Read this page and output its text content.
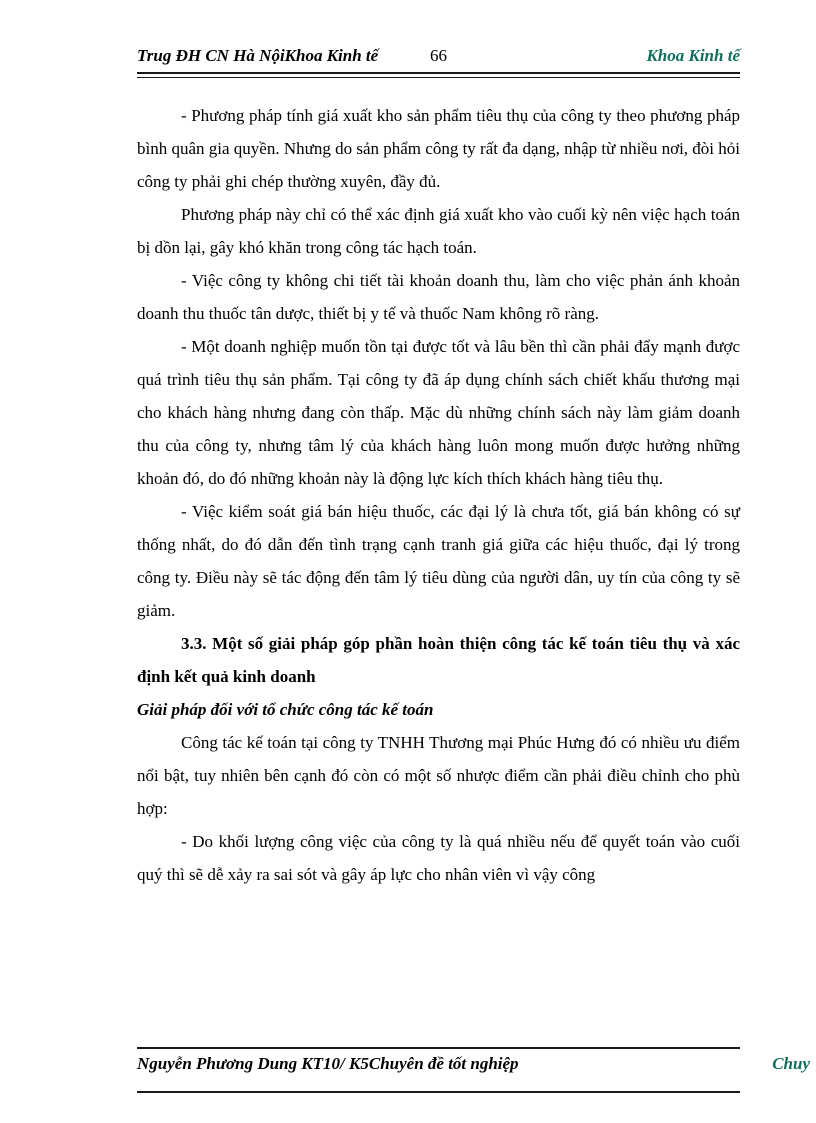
Trug ĐH CN Hà NộiKhoa Kinh tế	66	Khoa Kinh tế

- Phương pháp tính giá xuất kho sản phẩm tiêu thụ của công ty theo phương pháp bình quân gia quyền. Nhưng do sản phẩm công ty rất đa dạng, nhập từ nhiều nơi, đòi hỏi công ty phải ghi chép thường xuyên, đầy đủ.

Phương pháp này chỉ có thể xác định giá xuất kho vào cuối kỳ nên việc hạch toán bị dồn lại, gây khó khăn trong công tác hạch toán.

- Việc công ty không chi tiết tài khoản doanh thu, làm cho việc phản ánh khoản doanh thu thuốc tân dược, thiết bị y tế và thuốc Nam không rõ ràng.

- Một doanh nghiệp muốn tồn tại được tốt và lâu bền thì cần phải đẩy mạnh được quá trình tiêu thụ sản phẩm. Tại công ty đã áp dụng chính sách chiết khấu thương mại cho khách hàng nhưng đang còn thấp. Mặc dù những chính sách này làm giảm doanh thu của công ty, nhưng tâm lý của khách hàng luôn mong muốn được hưởng những khoản đó, do đó những khoản này là động lực kích thích khách hàng tiêu thụ.

- Việc kiểm soát giá bán hiệu thuốc, các đại lý là chưa tốt, giá bán không có sự thống nhất, do đó dẫn đến tình trạng cạnh tranh giá giữa các hiệu thuốc, đại lý trong công ty. Điều này sẽ tác động đến tâm lý tiêu dùng của người dân, uy tín của công ty sẽ giảm.

3.3. Một số giải pháp góp phần hoàn thiện công tác kế toán tiêu thụ và xác định kết quả kinh doanh

Giải pháp đối với tổ chức công tác kế toán

Công tác kế toán tại công ty TNHH Thương mại Phúc Hưng đó có nhiều ưu điểm nổi bật, tuy nhiên bên cạnh đó còn có một số nhược điểm cần phải điều chỉnh cho phù hợp:

- Do khối lượng công việc của công ty là quá nhiều nếu để quyết toán vào cuối quý thì sẽ dễ xảy ra sai sót và gây áp lực cho nhân viên vì vậy công

Nguyễn Phương Dung KT10/ K5Chuyên đề tốt nghiệp	Chuy
